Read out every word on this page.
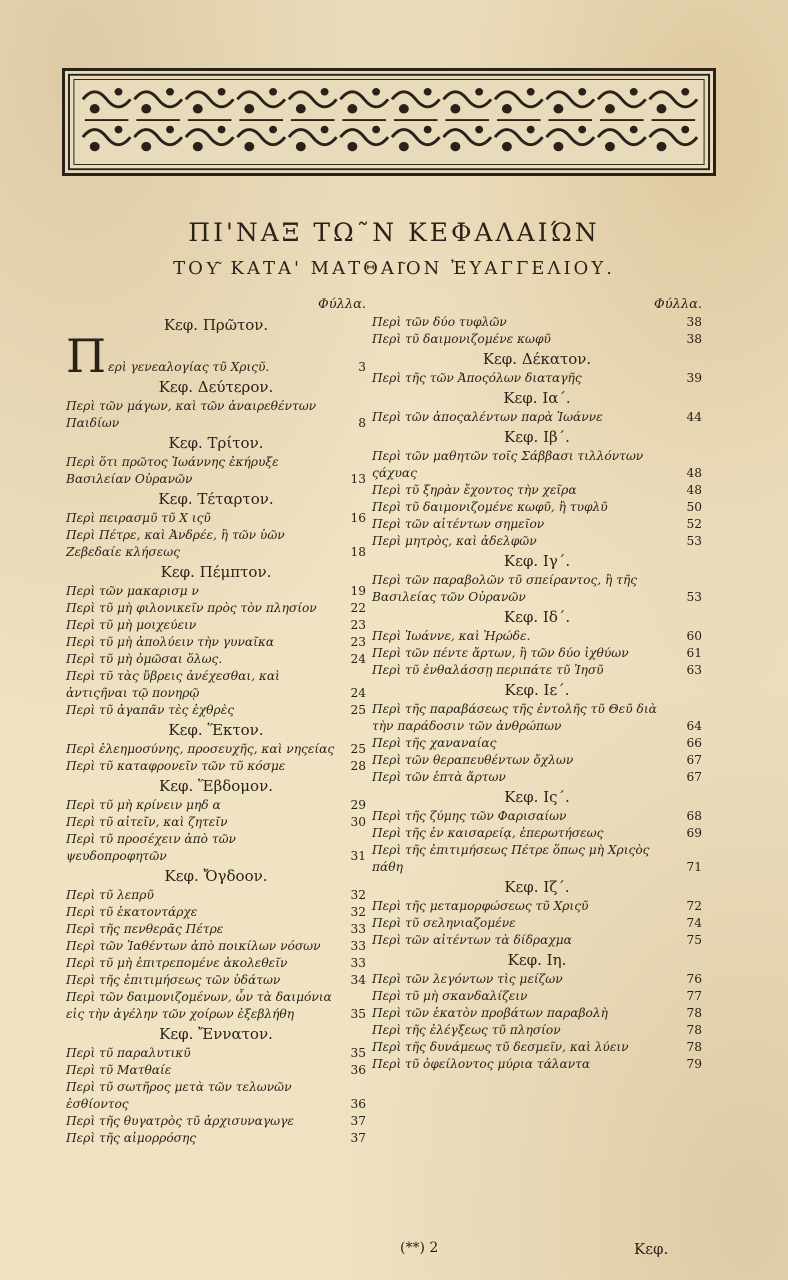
ΠΙ'ΝΑΞ ΤΩ῀Ν ΚΕΦΑΛΑΙΏΝ
ΤΟΥ͂ ΚΑΤΑ' ΜΑΤΘΑΙ͂ΟΝ ἘΥΑΓΓΕΛΙΟΥ.
Φύλλα.
Κεφ. Πρῶτον.
Π ερὶ γενεαλογίας τῦ Χριςῦ.	3
Κεφ. Δεύτερον.
Περὶ τῶν μάγων, καὶ τῶν ἀναιρεθέντων Παιδίων	8
Κεφ. Τρίτον.
Περὶ ὅτι πρῶτος Ἰωάννης ἐκήρυξε Βασιλείαν Οὐρανῶν	13
Κεφ. Τέταρτον.
Περὶ πειρασμῦ τῦ Χ ιςῦ	16
Περὶ Πέτρε, καὶ Ἀνδρέε, ἢ τῶν ὑῶν Ζεβεδαίε κλήσεως	18
Κεφ. Πέμπτον.
Περὶ τῶν μακαρισμ ν	19
Περὶ τῦ μὴ φιλονικεῖν πρὸς τὸν πλησίον	22
Περὶ τῦ μὴ μοιχεύειν	23
Περὶ τῦ μὴ ἀπολύειν τὴν γυναῖκα	23
Περὶ τῦ μὴ ὀμῶσαι ὅλως.	24
Περὶ τῦ τὰς ὕβρεις ἀνέχεσθαι, καὶ ἀντιςῆναι τῷ πονηρῷ	24
Περὶ τῦ ἀγαπᾶν τὲς ἐχθρὲς	25
Κεφ. Ἕκτον.
Περὶ ἐλεημοσύνης, προσευχῆς, καὶ νηςείας	25
Περὶ τῦ καταφρονεῖν τῶν τῦ κόσμε	28
Κεφ. Ἕβδομον.
Περὶ τῦ μὴ κρίνειν μηδ α	29
Περὶ τῦ αἰτεῖν, καὶ ζητεῖν	30
Περὶ τῦ προσέχειν ἀπὸ τῶν ψευδοπροφητῶν	31
Κεφ. Ὄγδοον.
Περὶ τῦ λεπρῦ	32
Περὶ τῦ ἑκατοντάρχε	32
Περὶ τῆς πενθερᾶς Πέτρε	33
Περὶ τῶν Ἰαθέντων ἀπὸ ποικίλων νόσων	33
Περὶ τῦ μὴ ἐπιτρεπομένε ἀκολεθεῖν	33
Περὶ τῆς ἐπιτιμήσεως τῶν ὑδάτων	34
Περὶ τῶν δαιμονιζομένων, ὧν τὰ δαιμόνια εἰς τὴν ἀγέλην τῶν χοίρων ἐξεβλήθη	35
Κεφ. Ἔννατον.
Περὶ τῦ παραλυτικῦ	35
Περὶ τῦ Ματθαίε	36
Περὶ τῦ σωτῆρος μετὰ τῶν τελωνῶν ἐσθίοντος	36
Περὶ τῆς θυγατρὸς τῦ ἀρχισυναγωγε	37
Περὶ τῆς αἱμορρόσης	37
Φύλλα.
Περὶ τῶν δύο τυφλῶν	38
Περὶ τῦ δαιμονιζομένε κωφῦ	38
Κεφ. Δέκατον.
Περὶ τῆς τῶν Ἀποςόλων διαταγῆς	39
Κεφ. Ια΄.
Περὶ τῶν ἀποςαλέντων παρὰ Ἰωάννε	44
Κεφ. Ιβ΄.
Περὶ τῶν μαθητῶν τοῖς Σάββασι τιλλόντων ςάχυας	48
Περὶ τῦ ξηρὰν ἔχοντος τὴν χεῖρα	48
Περὶ τῦ δαιμονιζομένε κωφῦ, ἢ τυφλῦ	50
Περὶ τῶν αἰτέντων σημεῖον	52
Περὶ μητρὸς, καὶ ἀδελφῶν	53
Κεφ. Ιγ΄.
Περὶ τῶν παραβολῶν τῦ σπείραντος, ἢ τῆς Βασιλείας τῶν Οὐρανῶν	53
Κεφ. Ιδ΄.
Περὶ Ἰωάννε, καὶ Ἡρώδε.	60
Περὶ τῶν πέντε ἄρτων, ἢ τῶν δύο ἰχθύων	61
Περὶ τῦ ἐνθαλάσσῃ περιπάτε τῦ Ἰησῦ	63
Κεφ. Ιε΄.
Περὶ τῆς παραβάσεως τῆς ἐντολῆς τῦ Θεῦ διὰ τὴν παράδοσιν τῶν ἀνθρώπων	64
Περὶ τῆς χαναναίας	66
Περὶ τῶν θεραπευθέντων ὄχλων	67
Περὶ τῶν ἑπτὰ ἄρτων	67
Κεφ. Ις΄.
Περὶ τῆς ζύμης τῶν Φαρισαίων	68
Περὶ τῆς ἐν καισαρείᾳ, ἐπερωτήσεως	69
Περὶ τῆς ἐπιτιμήσεως Πέτρε ὅπως μὴ Χριςὸς πάθη	71
Κεφ. Ιζ΄.
Περὶ τῆς μεταμορφώσεως τῦ Χριςῦ	72
Περὶ τῦ σεληνιαζομένε	74
Περὶ τῶν αἰτέντων τὰ δίδραχμα	75
Κεφ. Ιη.
Περὶ τῶν λεγόντων τὶς μείζων	76
Περὶ τῦ μὴ σκανδαλίζειν	77
Περὶ τῶν ἑκατὸν προβάτων παραβολὴ	78
Περὶ τῆς ἐλέγξεως τῦ πλησίον	78
Περὶ τῆς δυνάμεως τῦ δεσμεῖν, καὶ λύειν	78
Περὶ τῦ ὀφείλοντος μύρια τάλαντα	79
(**) 2	Κεφ.
